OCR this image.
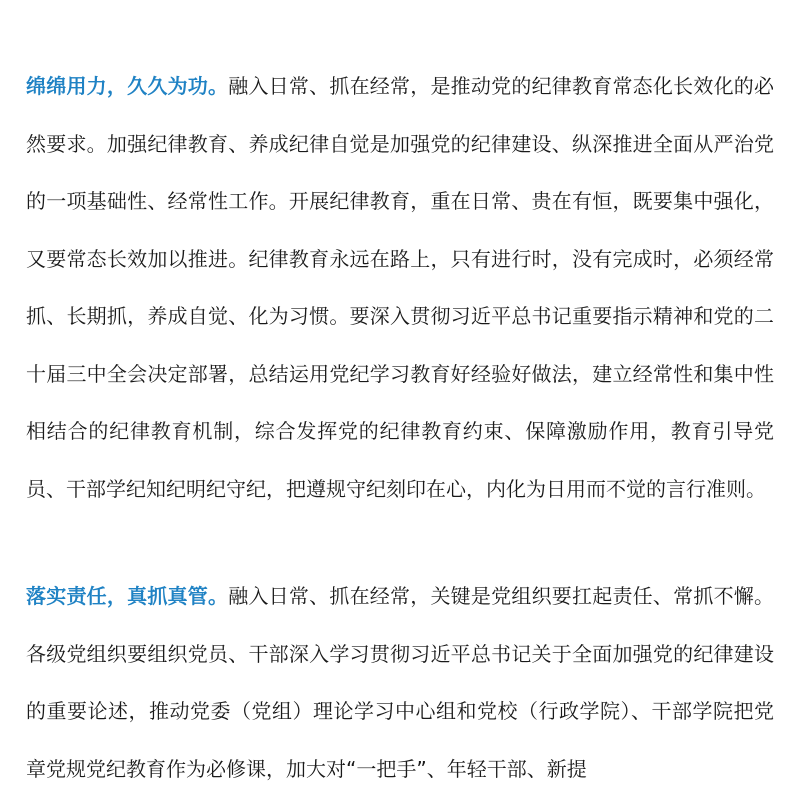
绵绵用力，久久为功。融入日常、抓在经常，是推动党的纪律教育常态化长效化的必然要求。加强纪律教育、养成纪律自觉是加强党的纪律建设、纵深推进全面从严治党的一项基础性、经常性工作。开展纪律教育，重在日常、贵在有恒，既要集中强化，又要常态长效加以推进。纪律教育永远在路上，只有进行时，没有完成时，必须经常抓、长期抓，养成自觉、化为习惯。要深入贯彻习近平总书记重要指示精神和党的二十届三中全会决定部署，总结运用党纪学习教育好经验好做法，建立经常性和集中性相结合的纪律教育机制，综合发挥党的纪律教育约束、保障激励作用，教育引导党员、干部学纪知纪明纪守纪，把遵规守纪刻印在心，内化为日用而不觉的言行准则。

落实责任，真抓真管。融入日常、抓在经常，关键是党组织要扛起责任、常抓不懈。各级党组织要组织党员、干部深入学习贯彻习近平总书记关于全面加强党的纪律建设的重要论述，推动党委（党组）理论学习中心组和党校（行政学院）、干部学院把党章党规党纪教育作为必修课，加大对“一把手”、年轻干部、新提
